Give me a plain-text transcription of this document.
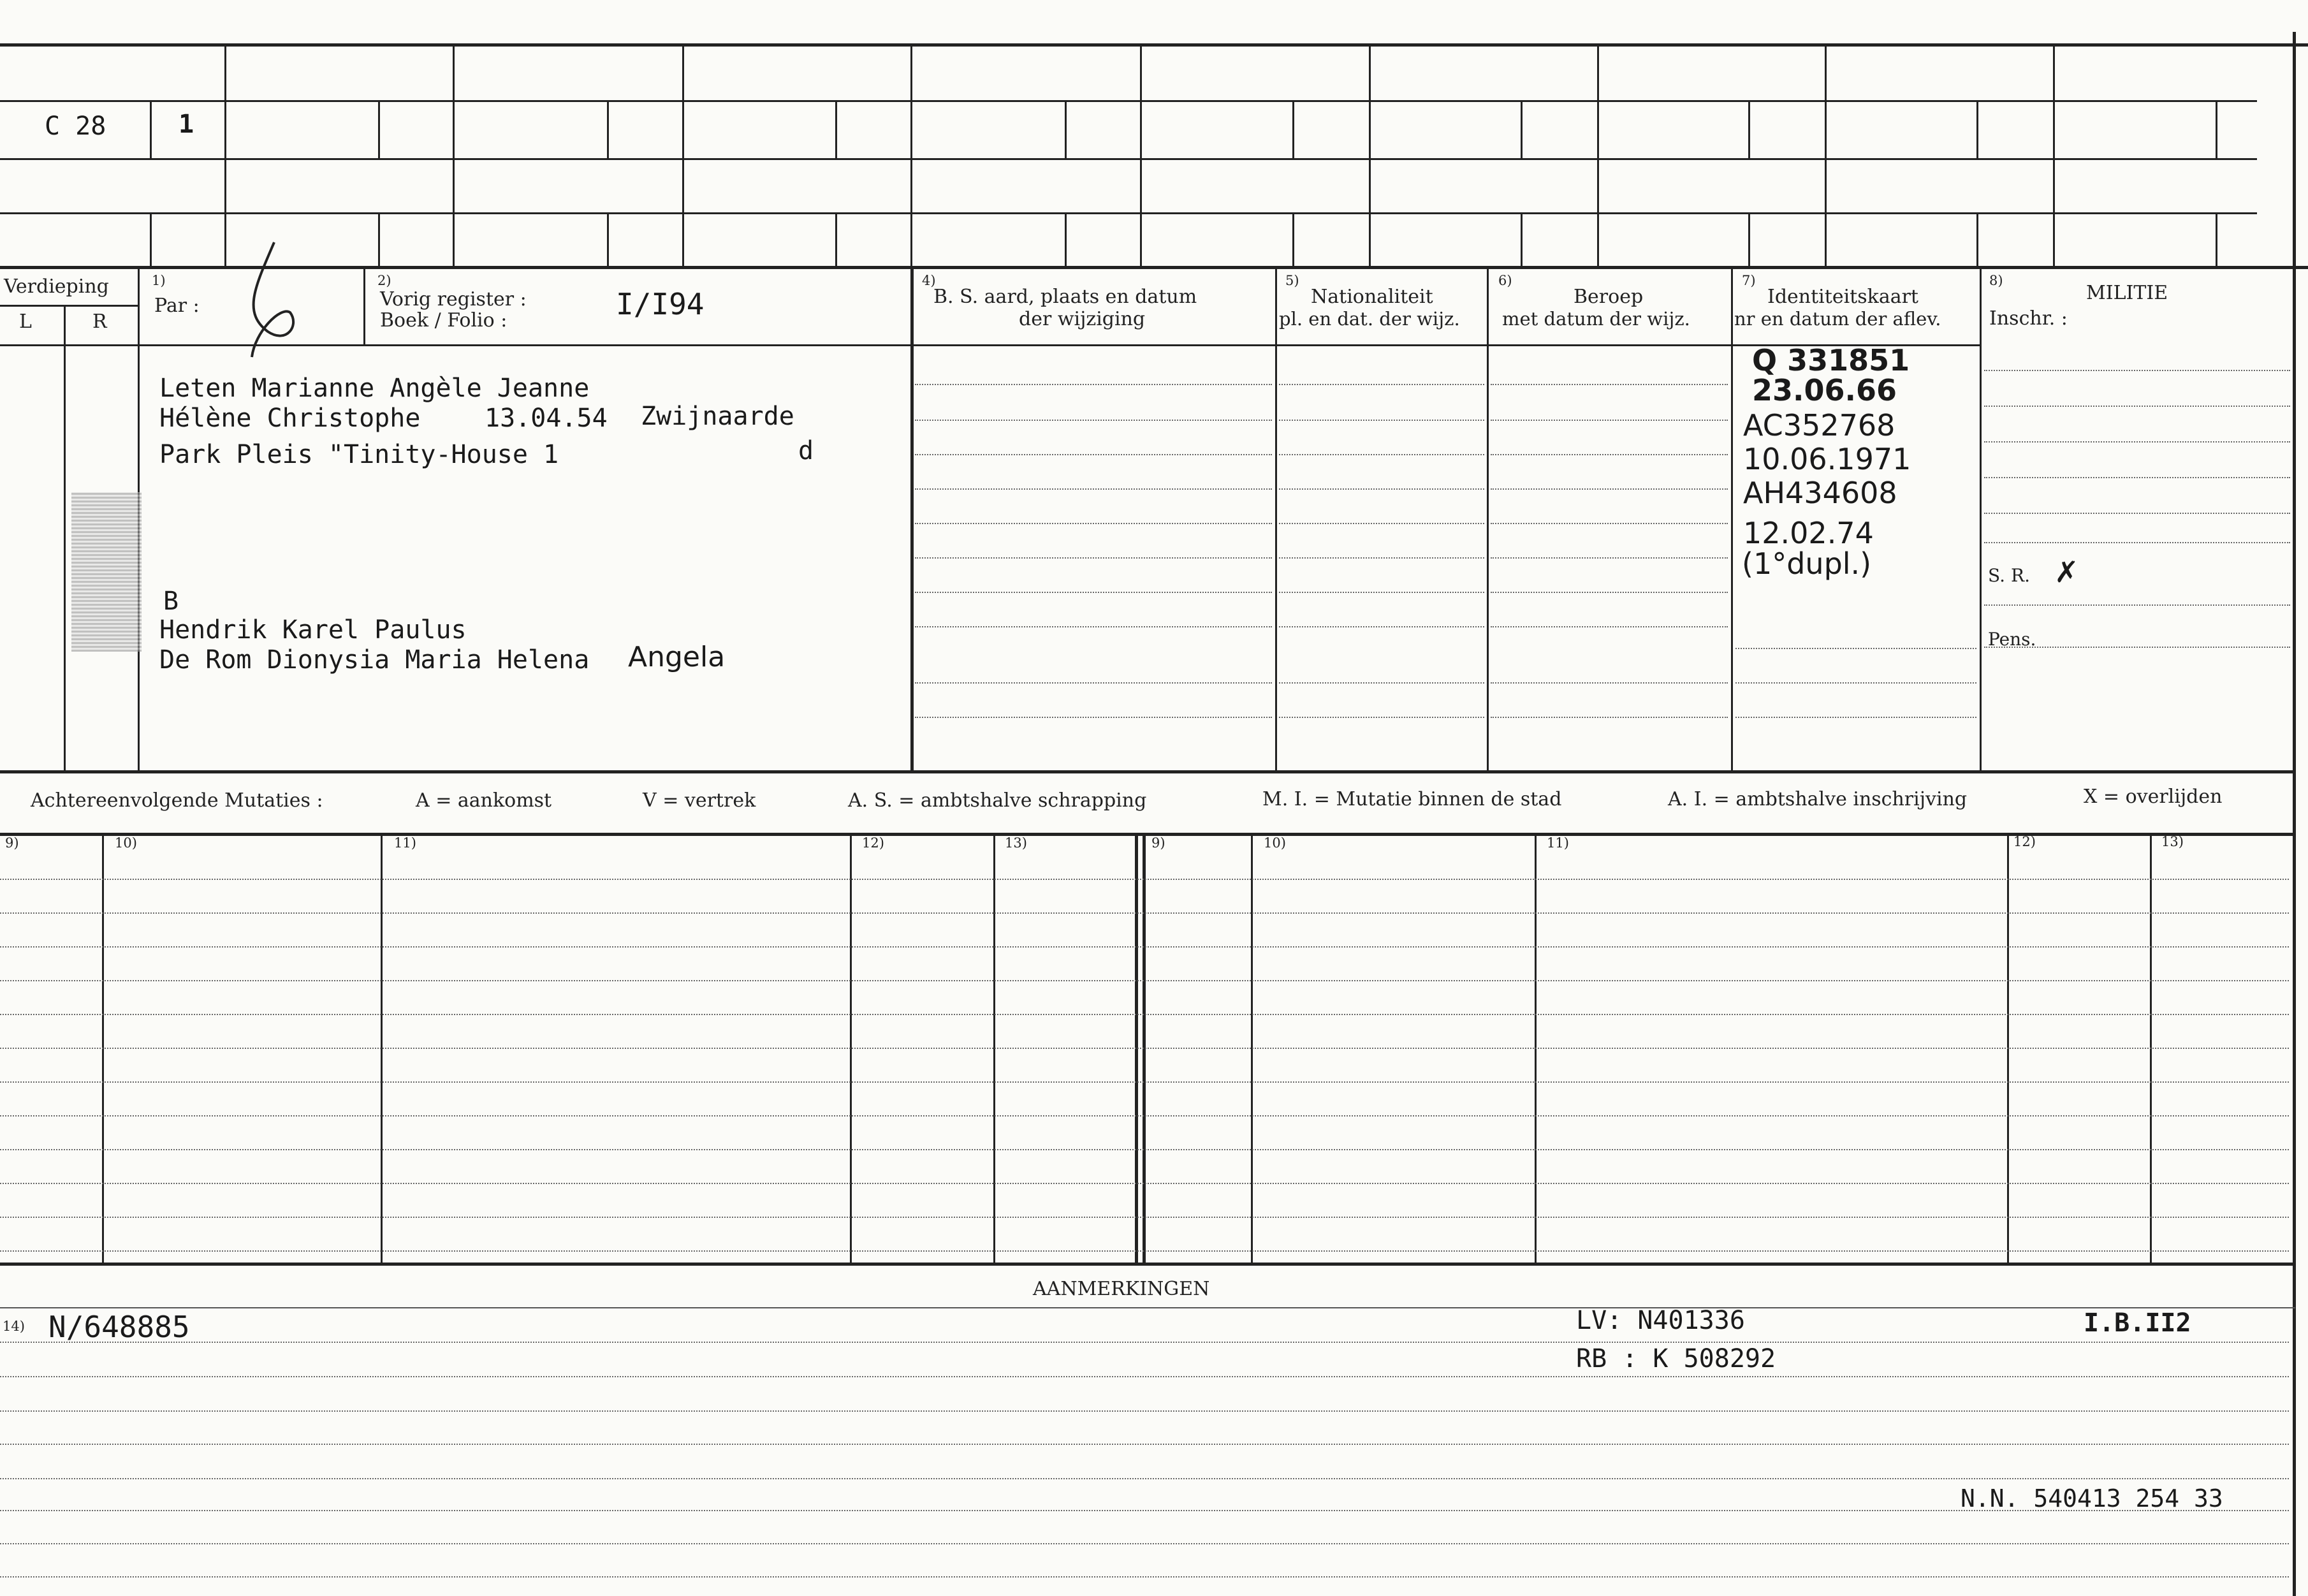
C 28	1
Verdieping
L	R
1)
Par :
2)
Vorig register :
Boek / Folio :	I/I94
4)
B. S. aard, plaats en datum
der wijziging
5)
Nationaliteit
pl. en dat. der wijz.
6)
Beroep
met datum der wijz.
7)
Identiteitskaart
nr en datum der aflev.
8)
MILITIE
Inschr. :
Leten Marianne Angèle Jeanne
Hélène Christophe	13.04.54 Zwijnaarde
Park Pleis "Tinity-House 1	d
B
Hendrik Karel Paulus
De Rom Dionysia Maria Helena Angela
Q 331851
23.06.66
AC352768
10.06.1971
AH434608
12.02.74
(1°dupl.)	S. R. ✗
Pens.
Achtereenvolgende Mutaties :	A = aankomst	V = vertrek	A. S. = ambtshalve schrapping	M. I. = Mutatie binnen de stad	A. I. = ambtshalve inschrijving	X = overlijden
9)	10)	11)	12)	13)	9)	10)	11)	12)	13)
AANMERKINGEN
14) N/648885	LV: N401336
RB : K 508292
I.B.II2
N.N. 540413 254 33
